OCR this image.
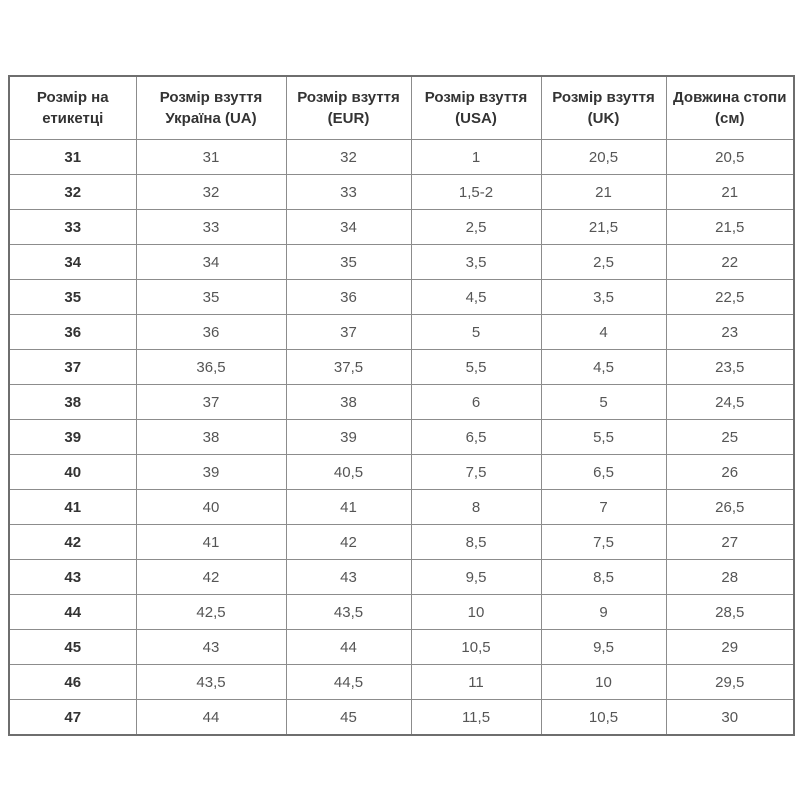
Розмір на етикетці	Розмір взуття Україна (UA)	Розмір взуття (EUR)	Розмір взуття (USA)	Розмір взуття (UK)	Довжина стопи (см)
31	31	32	1	20,5	20,5
32	32	33	1,5-2	21	21
33	33	34	2,5	21,5	21,5
34	34	35	3,5	2,5	22
35	35	36	4,5	3,5	22,5
36	36	37	5	4	23
37	36,5	37,5	5,5	4,5	23,5
38	37	38	6	5	24,5
39	38	39	6,5	5,5	25
40	39	40,5	7,5	6,5	26
41	40	41	8	7	26,5
42	41	42	8,5	7,5	27
43	42	43	9,5	8,5	28
44	42,5	43,5	10	9	28,5
45	43	44	10,5	9,5	29
46	43,5	44,5	11	10	29,5
47	44	45	11,5	10,5	30
